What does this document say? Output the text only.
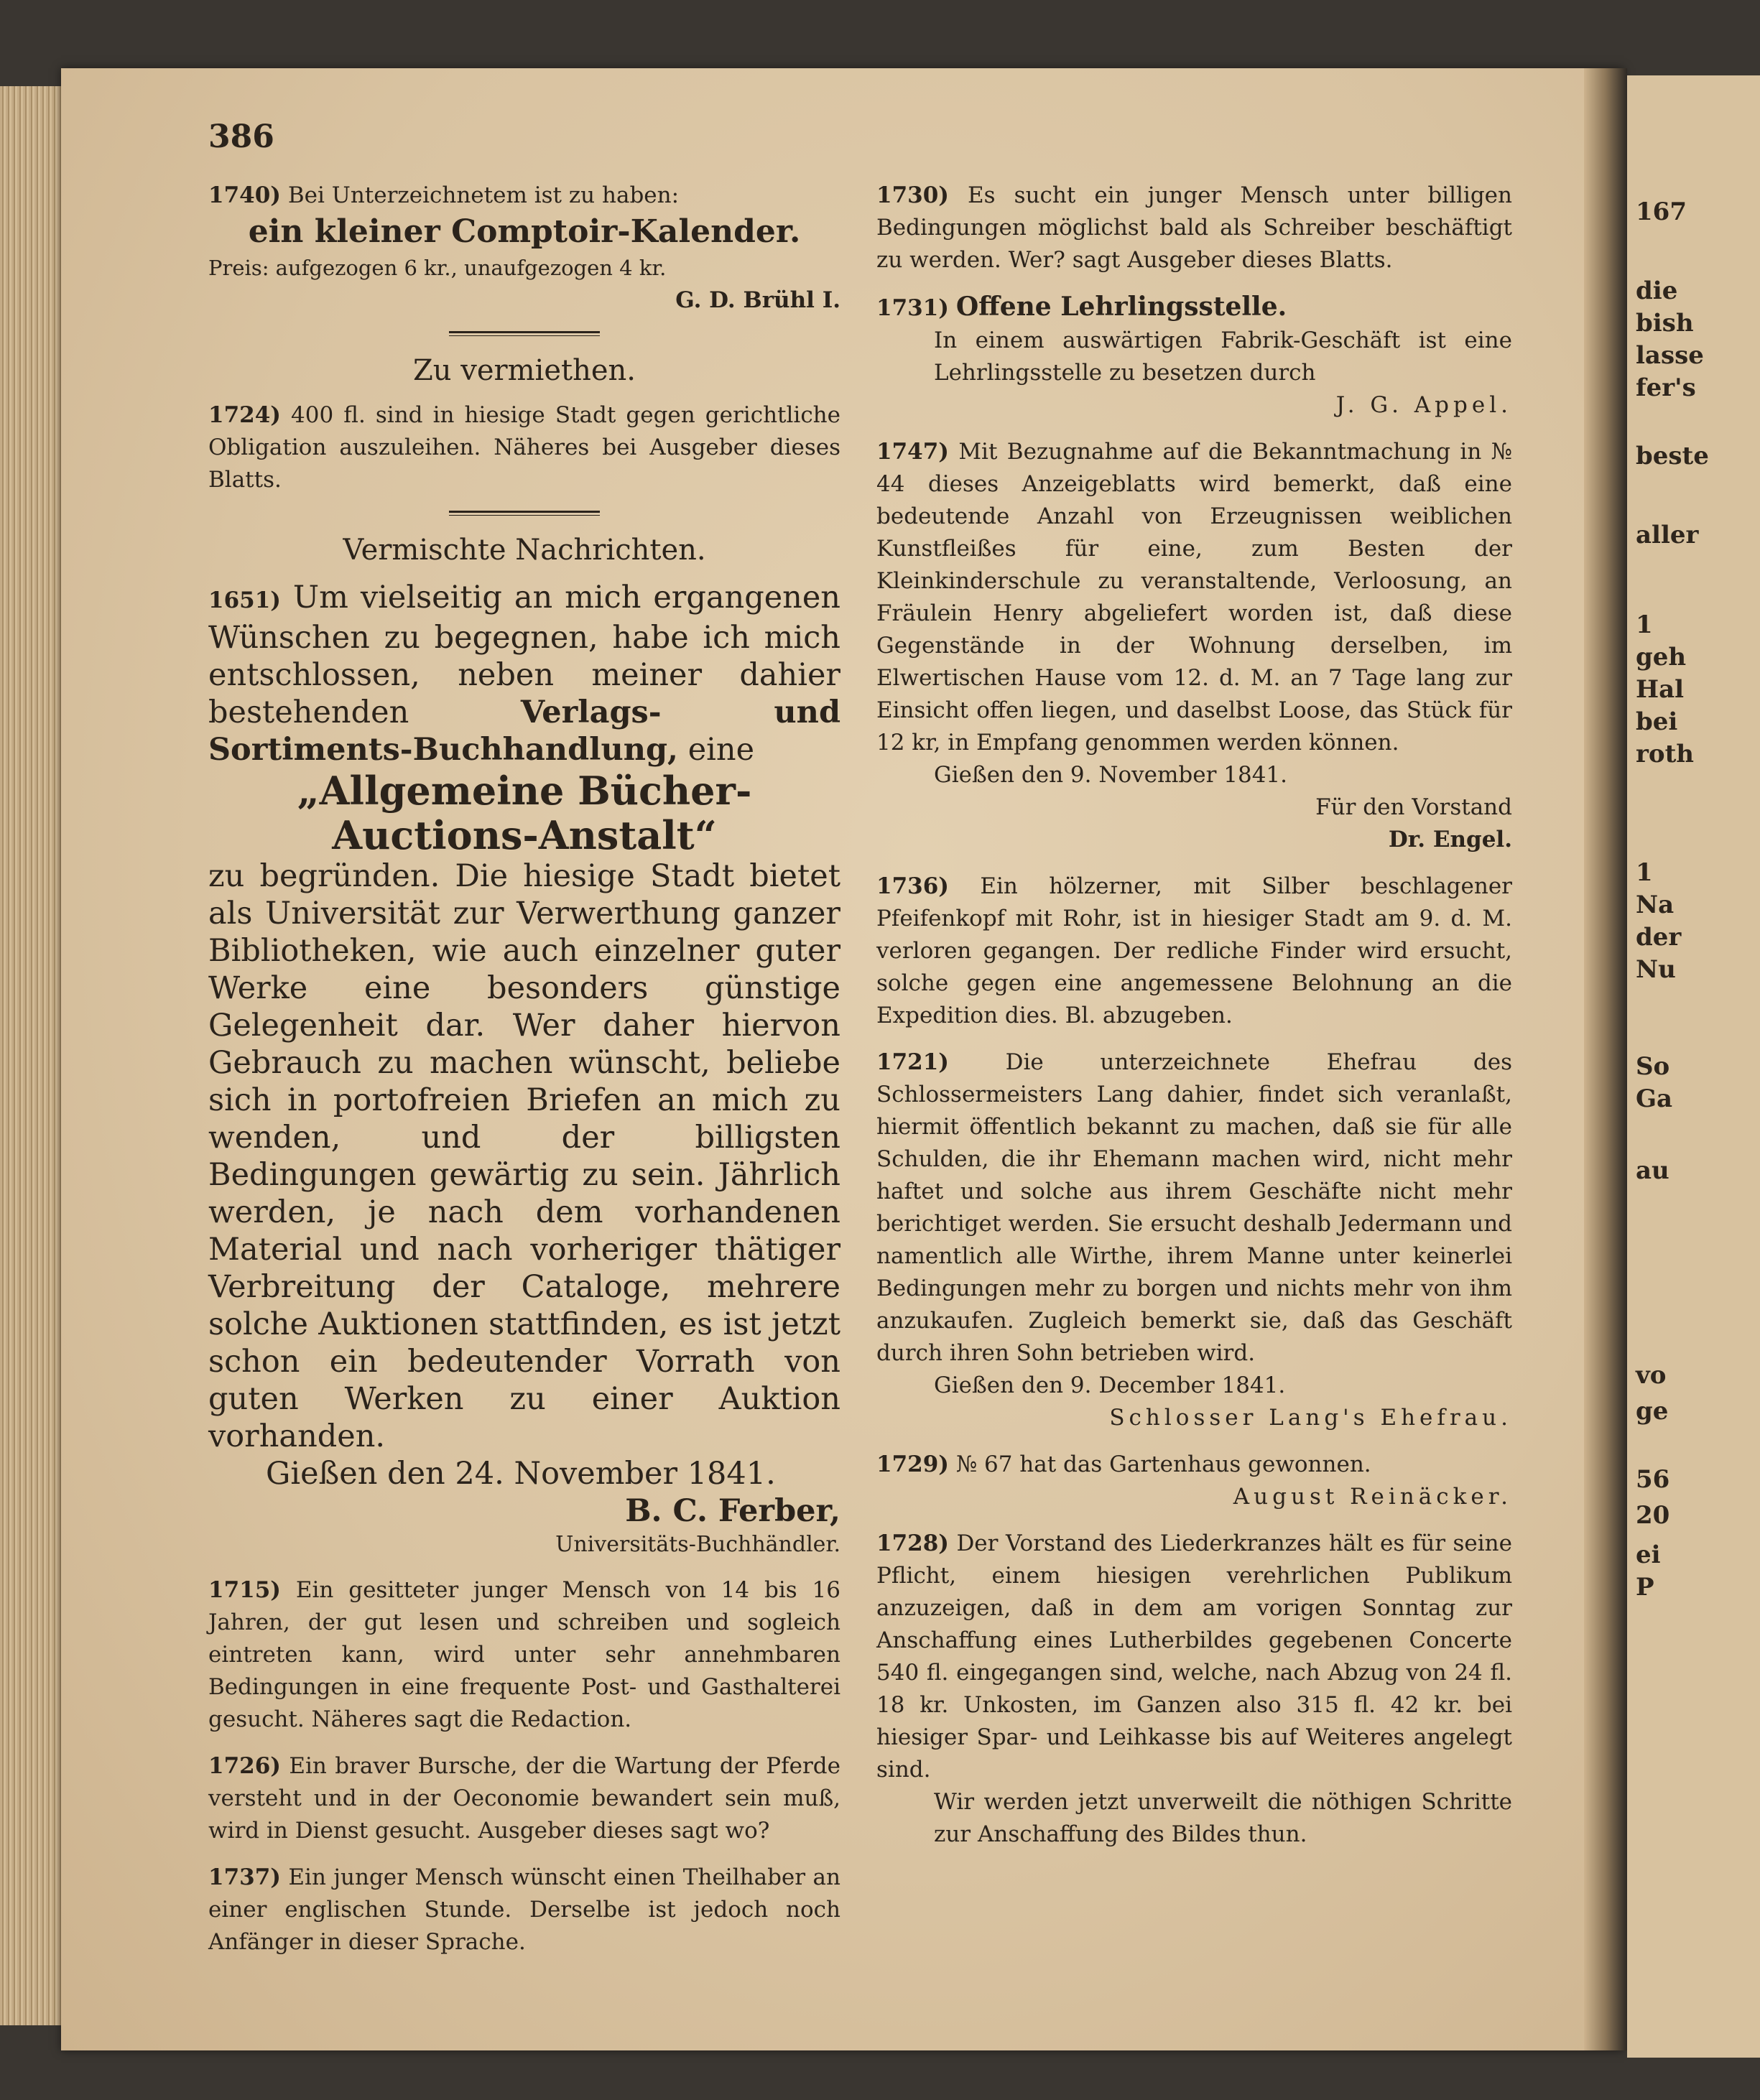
167
die
bish
lasse
fer's
beste
aller
1
geh
Hal
bei
roth
1
Na
der
Nu
So
Ga
au
vo
ge
56
20
ei
P
386
1740) Bei Unterzeichnetem ist zu haben:
ein kleiner Comptoir-Kalender.
Preis: aufgezogen 6 kr., unaufgezogen 4 kr.
G. D. Brühl I.
Zu vermiethen.
1724) 400 fl. sind in hiesige Stadt gegen gerichtliche Obligation auszuleihen. Näheres bei Ausgeber dieses Blatts.
Vermischte Nachrichten.
1651) Um vielseitig an mich ergangenen Wünschen zu begegnen, habe ich mich entschlossen, neben meiner dahier bestehenden	Verlags- und Sortiments-Buchhandlung, eine
„Allgemeine Bücher-Auctions-Anstalt“
zu begründen. Die hiesige Stadt bietet als Universität zur Verwerthung ganzer Bibliotheken, wie auch einzelner guter Werke eine besonders günstige Gelegenheit dar. Wer daher hiervon Gebrauch zu machen wünscht, beliebe sich in portofreien Briefen an mich zu wenden, und der billigsten Bedingungen gewärtig zu sein. Jährlich werden, je nach dem vorhandenen Material und nach vorheriger thätiger Verbreitung der Cataloge, mehrere solche Auktionen stattfinden, es ist jetzt schon ein bedeutender Vorrath von guten Werken zu einer Auktion vorhanden.
Gießen den 24. November 1841.
B. C. Ferber,
Universitäts-Buchhändler.
1715) Ein gesitteter junger Mensch von 14 bis 16 Jahren, der gut lesen und schreiben und sogleich eintreten kann, wird unter sehr annehmbaren Bedingungen in eine frequente Post- und Gasthalterei gesucht. Näheres sagt die Redaction.
1726) Ein braver Bursche, der die Wartung der Pferde versteht und in der Oeconomie bewandert sein muß, wird in Dienst gesucht. Ausgeber dieses sagt wo?
1737) Ein junger Mensch wünscht einen Theilhaber an einer englischen Stunde. Derselbe ist jedoch noch Anfänger in dieser Sprache.
1730) Es sucht ein junger Mensch unter billigen Bedingungen möglichst bald als Schreiber beschäftigt zu werden. Wer? sagt Ausgeber dieses Blatts.
1731) Offene Lehrlingsstelle.
In einem auswärtigen Fabrik-Geschäft ist eine Lehrlingsstelle zu besetzen durch
J. G. Appel.
1747) Mit Bezugnahme auf die Bekanntmachung in № 44 dieses Anzeigeblatts wird bemerkt, daß eine bedeutende Anzahl von Erzeugnissen weiblichen Kunstfleißes für eine, zum Besten der Kleinkinderschule zu veranstaltende, Verloosung, an Fräulein Henry abgeliefert worden ist, daß diese Gegenstände in der Wohnung derselben, im Elwertischen Hause vom 12. d. M. an 7 Tage lang zur Einsicht offen liegen, und daselbst Loose, das Stück für 12 kr, in Empfang genommen werden können.
Gießen den 9. November 1841.
Für den Vorstand
Dr. Engel.
1736) Ein hölzerner, mit Silber beschlagener Pfeifenkopf mit Rohr, ist in hiesiger Stadt am 9. d. M. verloren gegangen. Der redliche Finder wird ersucht, solche gegen eine angemessene Belohnung an die Expedition dies. Bl. abzugeben.
1721)	Die unterzeichnete Ehefrau des Schlossermeisters Lang dahier, findet sich veranlaßt, hiermit öffentlich bekannt zu machen, daß sie für alle Schulden, die ihr Ehemann machen wird, nicht mehr haftet und solche aus ihrem Geschäfte nicht mehr berichtiget werden. Sie ersucht deshalb Jedermann und namentlich alle Wirthe, ihrem Manne unter keinerlei Bedingungen mehr zu borgen und nichts mehr von ihm anzukaufen. Zugleich bemerkt sie, daß das Geschäft durch ihren Sohn betrieben wird.
Gießen den 9. December 1841.
Schlosser Lang's Ehefrau.
1729) № 67 hat das Gartenhaus gewonnen.
August Reinäcker.
1728) Der Vorstand des Liederkranzes hält es für seine Pflicht, einem hiesigen verehrlichen Publikum anzuzeigen, daß in dem am vorigen Sonntag zur Anschaffung eines Lutherbildes gegebenen Concerte 540 fl. eingegangen sind, welche, nach Abzug von 24 fl. 18 kr. Unkosten, im Ganzen also 315 fl. 42 kr. bei hiesiger Spar- und Leihkasse bis auf Weiteres angelegt sind.
Wir werden jetzt unverweilt die nöthigen Schritte zur Anschaffung des Bildes thun.
